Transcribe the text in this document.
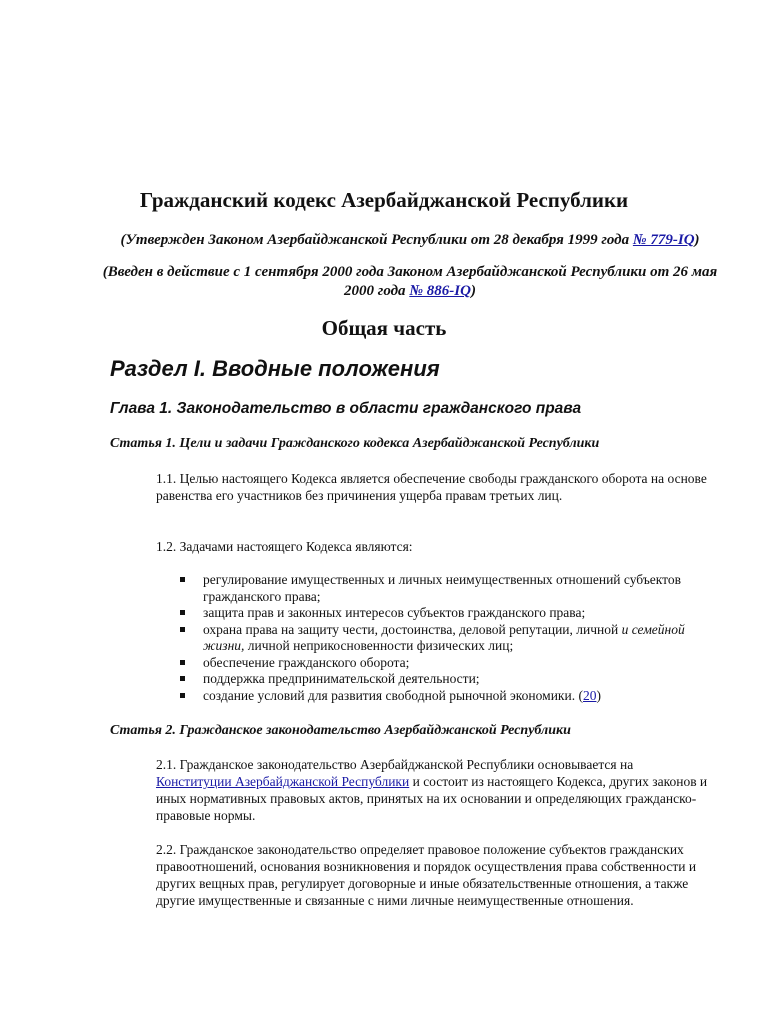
Гражданский кодекс Азербайджанской Республики

(Утвержден Законом Азербайджанской Республики от 28 декабря 1999 года № 779-IQ)

(Введен в действие с 1 сентября 2000 года Законом Азербайджанской Республики от 26 мая 2000 года № 886-IQ)

Общая часть
Раздел I. Вводные положения
Глава 1. Законодательство в области гражданского права
Статья 1. Цели и задачи Гражданского кодекса Азербайджанской Республики

1.1. Целью настоящего Кодекса является обеспечение свободы гражданского оборота на основе равенства его участников без причинения ущерба правам третьих лиц.

1.2. Задачами настоящего Кодекса являются:

регулирование имущественных и личных неимущественных отношений субъектов гражданского права;
защита прав и законных интересов субъектов гражданского права;
охрана права на защиту чести, достоинства, деловой репутации, личной и семейной жизни, личной неприкосновенности физических лиц;
обеспечение гражданского оборота;
поддержка предпринимательской деятельности;
создание условий для развития свободной рыночной экономики. (20)
Статья 2. Гражданское законодательство Азербайджанской Республики

2.1. Гражданское законодательство Азербайджанской Республики основывается на Конституции Азербайджанской Республики и состоит из настоящего Кодекса, других законов и иных нормативных правовых актов, принятых на их основании и определяющих гражданско-правовые нормы.

2.2. Гражданское законодательство определяет правовое положение субъектов гражданских правоотношений, основания возникновения и порядок осуществления права собственности и других вещных прав, регулирует договорные и иные обязательственные отношения, а также другие имущественные и связанные с ними личные неимущественные отношения.
